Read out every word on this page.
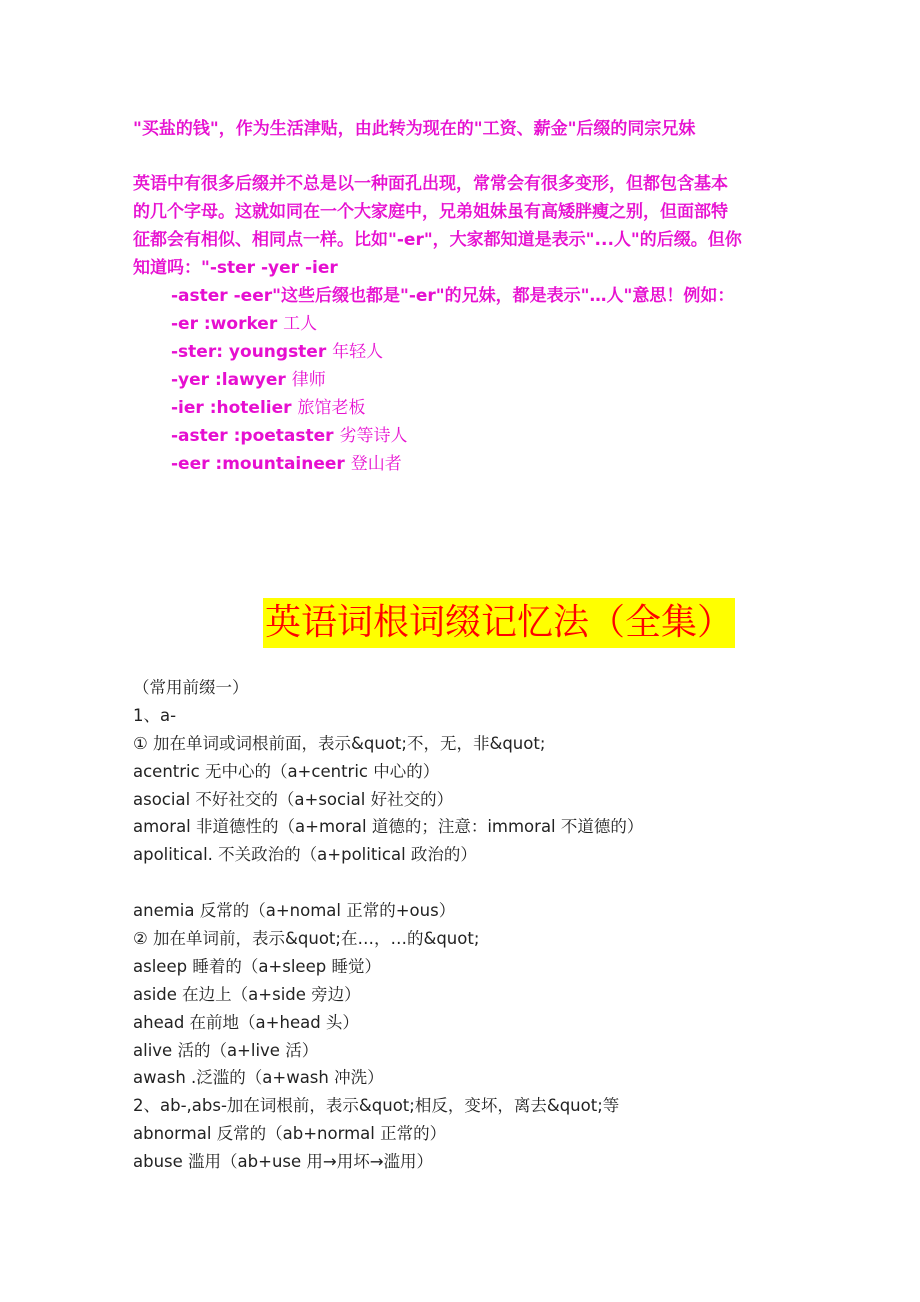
"买盐的钱"，作为生活津贴，由此转为现在的"工资、薪金"后缀的同宗兄妹
英语中有很多后缀并不总是以一种面孔出现，常常会有很多变形，但都包含基本
的几个字母。这就如同在一个大家庭中，兄弟姐妹虽有高矮胖瘦之别，但面部特
征都会有相似、相同点一样。比如"-er"，大家都知道是表示"...人"的后缀。但你
知道吗："-ster -yer -ier
-aster -eer"这些后缀也都是"-er"的兄妹，都是表示"…人"意思！例如：
-er :worker 工人
-ster: youngster 年轻人
-yer :lawyer 律师
-ier :hotelier 旅馆老板
-aster :poetaster 劣等诗人
-eer :mountaineer 登山者
英语词根词缀记忆法（全集）
（常用前缀一）
1、a-
① 加在单词或词根前面，表示&quot;不，无，非&quot;
acentric 无中心的（a+centric 中心的）
asocial 不好社交的（a+social 好社交的）
amoral 非道德性的（a+moral 道德的；注意：immoral 不道德的）
apolitical. 不关政治的（a+political 政治的）
anemia 反常的（a+nomal 正常的+ous）
② 加在单词前，表示&quot;在…，…的&quot;
asleep 睡着的（a+sleep 睡觉）
aside 在边上（a+side 旁边）
ahead 在前地（a+head 头）
alive 活的（a+live 活）
awash .泛滥的（a+wash 冲洗）
2、ab-,abs-加在词根前，表示&quot;相反，变坏，离去&quot;等
abnormal 反常的（ab+normal 正常的）
abuse 滥用（ab+use 用→用坏→滥用）
